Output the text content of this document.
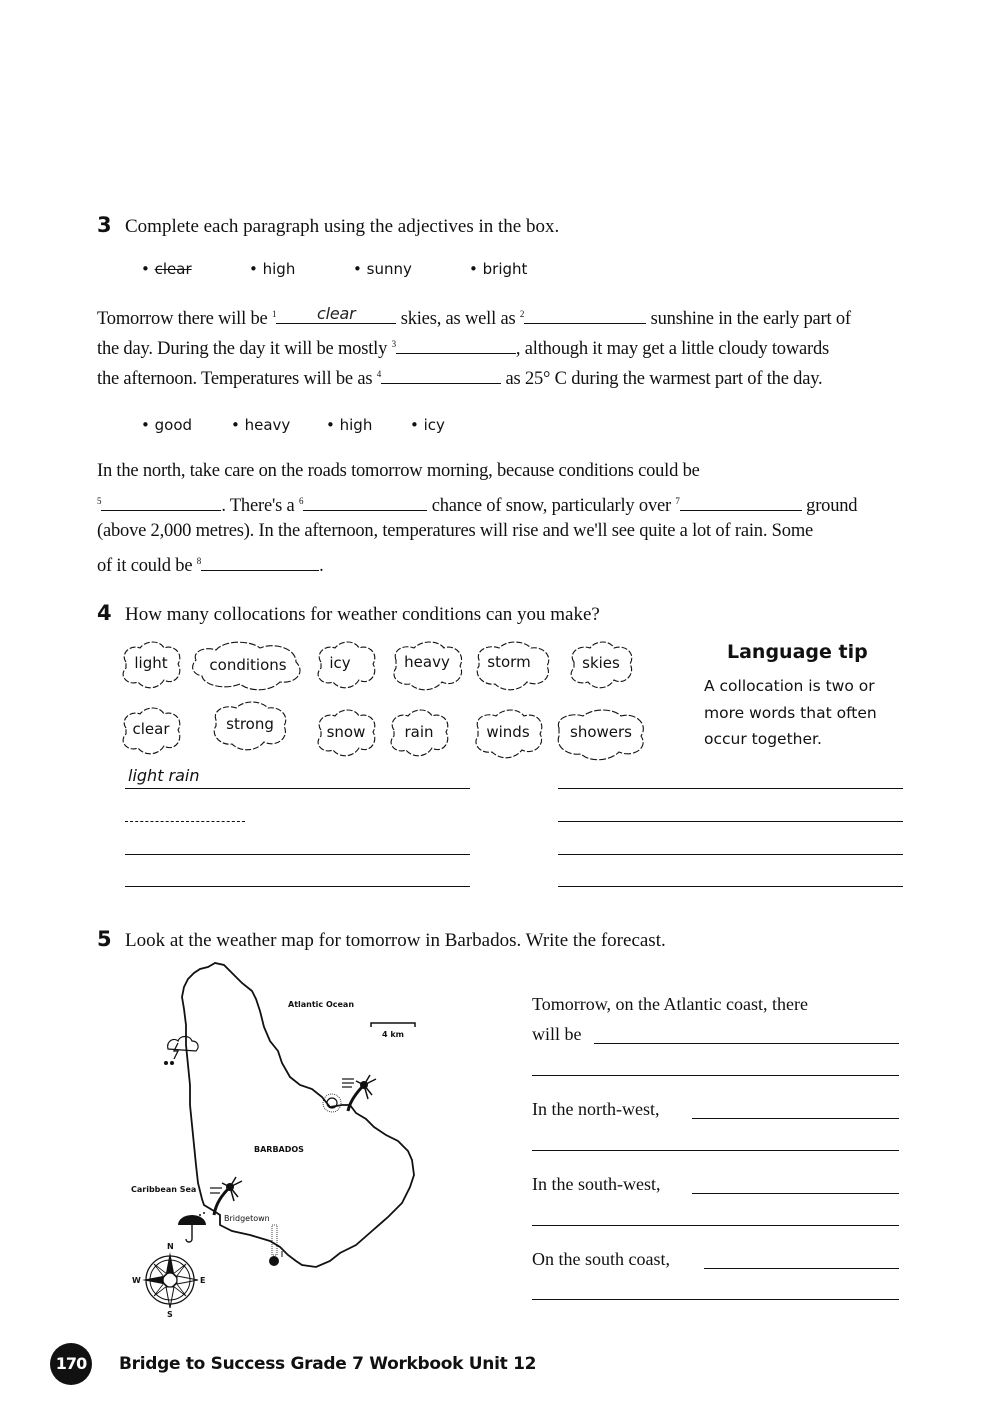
3 Complete each paragraph using the adjectives in the box.
• clear	• high	• sunny	• bright
Tomorrow there will be $^1$	clear	skies, as well as $^2$	sunshine in the early part of
the day. During the day it will be mostly $^3$	, although it may get a little cloudy towards
the afternoon. Temperatures will be as $^4$	as 25° C during the warmest part of the day.
• good	• heavy • high	• icy
In the north, take care on the roads tomorrow morning, because conditions could be
$^5$	. There's a $^6$	chance of snow, particularly over $^7$	ground
(above 2,000 metres). In the afternoon, temperatures will rise and we'll see quite a lot of rain. Some
of it could be $^8$	.
4 How many collocations for weather conditions can you make?
light	conditions	icy	heavy	storm	skies
clear	strong	snow	rain	winds	showers
Language tip
A collocation is two or
more words that often
occur together.
light rain
5 Look at the weather map for tomorrow in Barbados. Write the forecast.
Atlantic Ocean
4 km
BARBADOS
Caribbean Sea
Bridgetown
N
S
E
W
Tomorrow, on the Atlantic coast, there
will be
In the north-west,
In the south-west,
On the south coast,
170	Bridge to Success Grade 7 Workbook Unit 12
